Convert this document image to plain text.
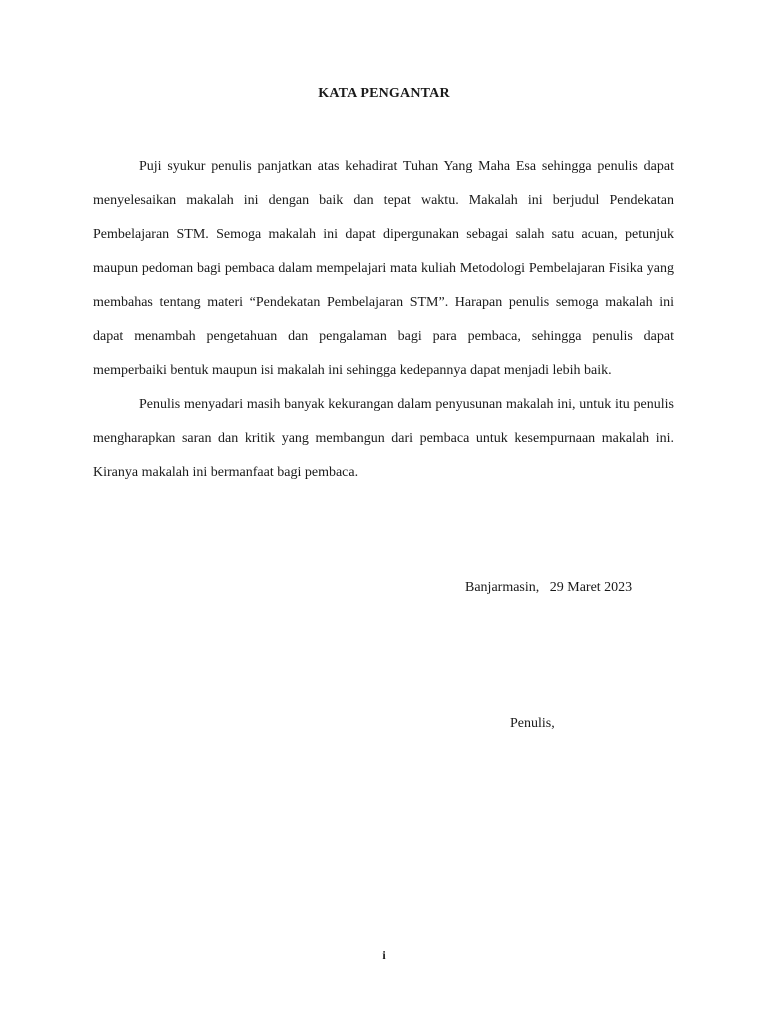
KATA PENGANTAR

Puji syukur penulis panjatkan atas kehadirat Tuhan Yang Maha Esa sehingga penulis dapat menyelesaikan makalah ini dengan baik dan tepat waktu. Makalah ini berjudul Pendekatan Pembelajaran STM. Semoga makalah ini dapat dipergunakan sebagai salah satu acuan, petunjuk maupun pedoman bagi pembaca dalam mempelajari mata kuliah Metodologi Pembelajaran Fisika yang membahas tentang materi “Pendekatan Pembelajaran STM”. Harapan penulis semoga makalah ini dapat menambah pengetahuan dan pengalaman bagi para pembaca, sehingga penulis dapat memperbaiki bentuk maupun isi makalah ini sehingga kedepannya dapat menjadi lebih baik.

Penulis menyadari masih banyak kekurangan dalam penyusunan makalah ini, untuk itu penulis mengharapkan saran dan kritik yang membangun dari pembaca untuk kesempurnaan makalah ini. Kiranya makalah ini bermanfaat bagi pembaca.

Banjarmasin,   29 Maret 2023
Penulis,
i
